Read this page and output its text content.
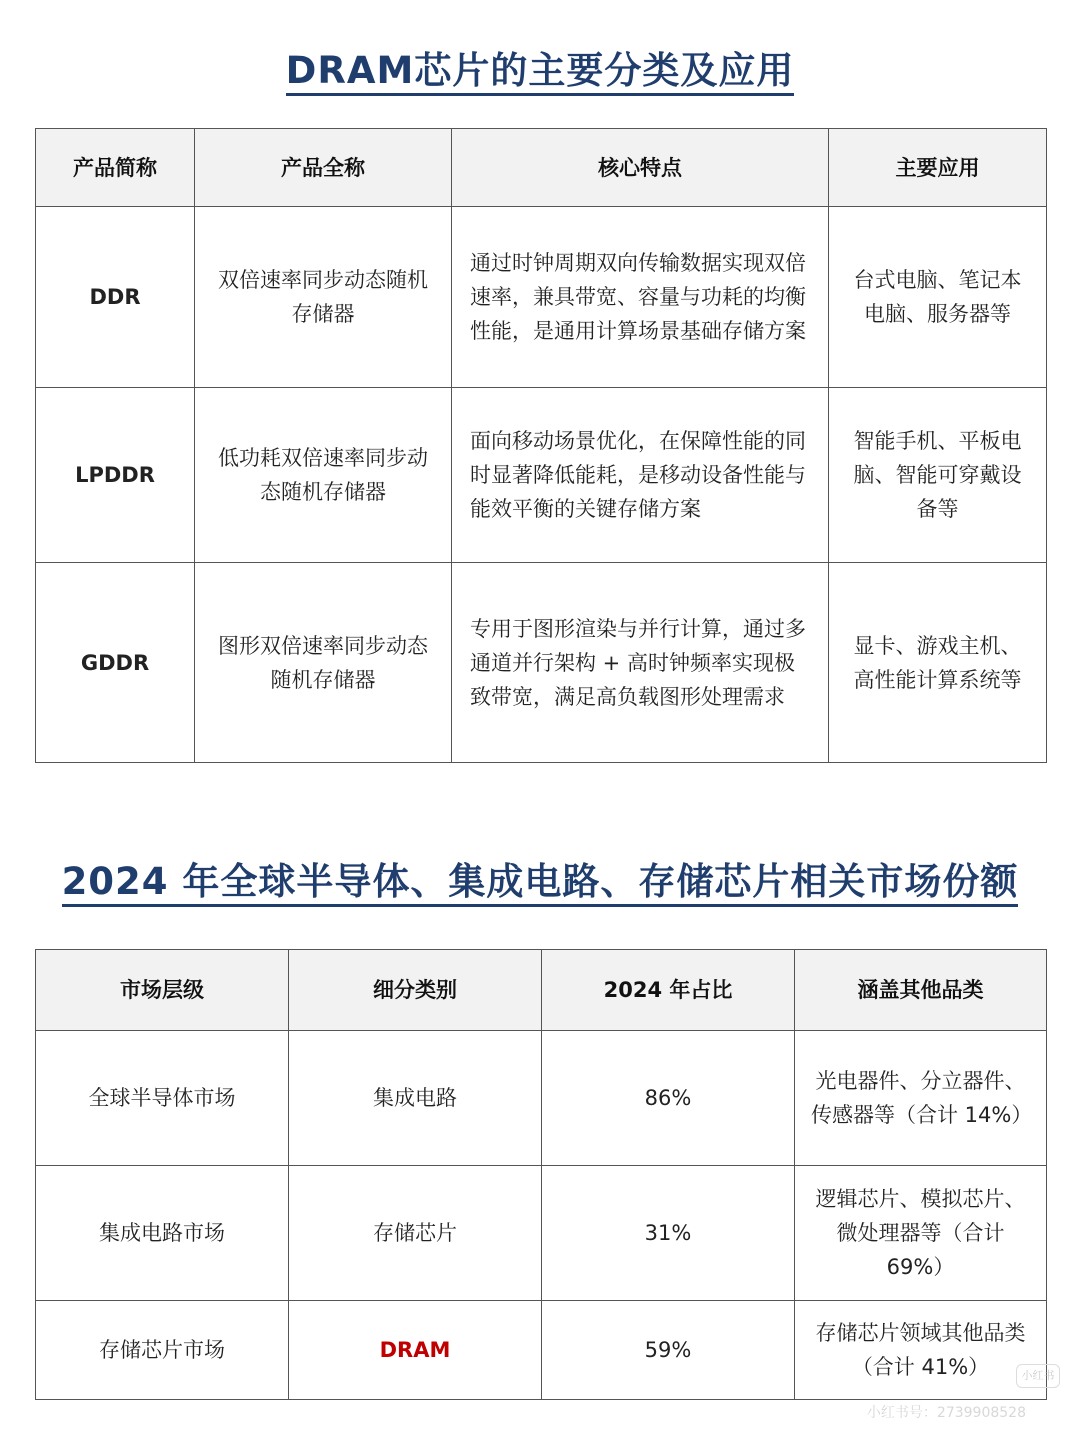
DRAM芯片的主要分类及应用
产品简称	产品全称	核心特点	主要应用
DDR	双倍速率同步动态随机存储器	通过时钟周期双向传输数据实现双倍速率，兼具带宽、容量与功耗的均衡性能，是通用计算场景基础存储方案	台式电脑、笔记本电脑、服务器等
LPDDR	低功耗双倍速率同步动态随机存储器	面向移动场景优化，在保障性能的同时显著降低能耗，是移动设备性能与能效平衡的关键存储方案	智能手机、平板电脑、智能可穿戴设备等
GDDR	图形双倍速率同步动态随机存储器	专用于图形渲染与并行计算，通过多通道并行架构 + 高时钟频率实现极致带宽，满足高负载图形处理需求	显卡、游戏主机、高性能计算系统等
2024 年全球半导体、集成电路、存储芯片相关市场份额
市场层级	细分类别	2024 年占比	涵盖其他品类
全球半导体市场	集成电路	86%	光电器件、分立器件、传感器等（合计 14%）
集成电路市场	存储芯片	31%	逻辑芯片、模拟芯片、微处理器等（合计 69%）
存储芯片市场	DRAM	59%	存储芯片领域其他品类（合计 41%）	小红书
小红书号：2739908528
